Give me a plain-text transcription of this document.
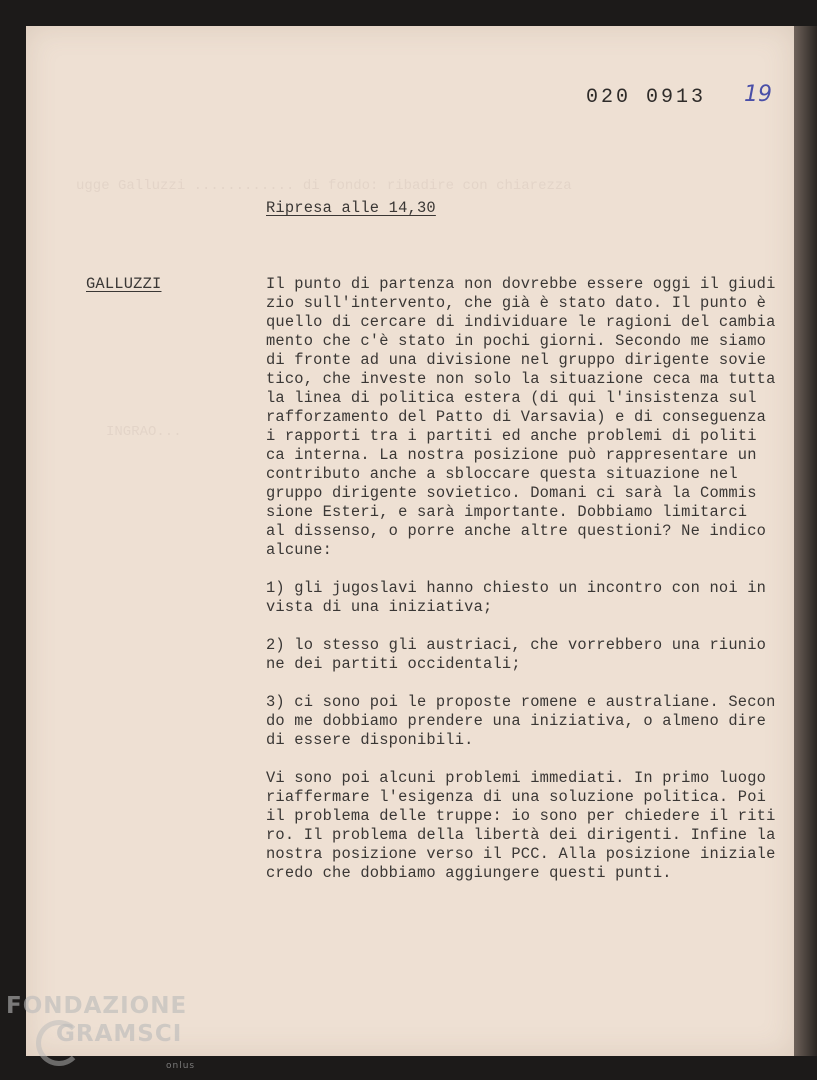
ugge Galluzzi ............ di fondo: ribadire con chiarezza
INGRAO...
020 0913 19
Ripresa alle 14,30
GALLUZZI	Il punto di partenza non dovrebbe essere oggi il giudi
zio sull'intervento, che già è stato dato. Il punto è
quello di cercare di individuare le ragioni del cambia
mento che c'è stato in pochi giorni. Secondo me siamo
di fronte ad una divisione nel gruppo dirigente sovie
tico, che investe non solo la situazione ceca ma tutta
la linea di politica estera (di qui l'insistenza sul
rafforzamento del Patto di Varsavia) e di conseguenza
i rapporti tra i partiti ed anche problemi di politi
ca interna. La nostra posizione può rappresentare un
contributo anche a sbloccare questa situazione nel
gruppo dirigente sovietico. Domani ci sarà la Commis
sione Esteri, e sarà importante. Dobbiamo limitarci
al dissenso, o porre anche altre questioni? Ne indico
alcune:

1) gli jugoslavi hanno chiesto un incontro con noi in
vista di una iniziativa;

2) lo stesso gli austriaci, che vorrebbero una riunio
ne dei partiti occidentali;

3) ci sono poi le proposte romene e australiane. Secon
do me dobbiamo prendere una iniziativa, o almeno dire
di essere disponibili.

Vi sono poi alcuni problemi immediati. In primo luogo
riaffermare l'esigenza di una soluzione politica. Poi
il problema delle truppe: io sono per chiedere il riti
ro. Il problema della libertà dei dirigenti. Infine la
nostra posizione verso il PCC. Alla posizione iniziale
credo che dobbiamo aggiungere questi punti.

FONDAZIONE
GRAMSCI
onlus
